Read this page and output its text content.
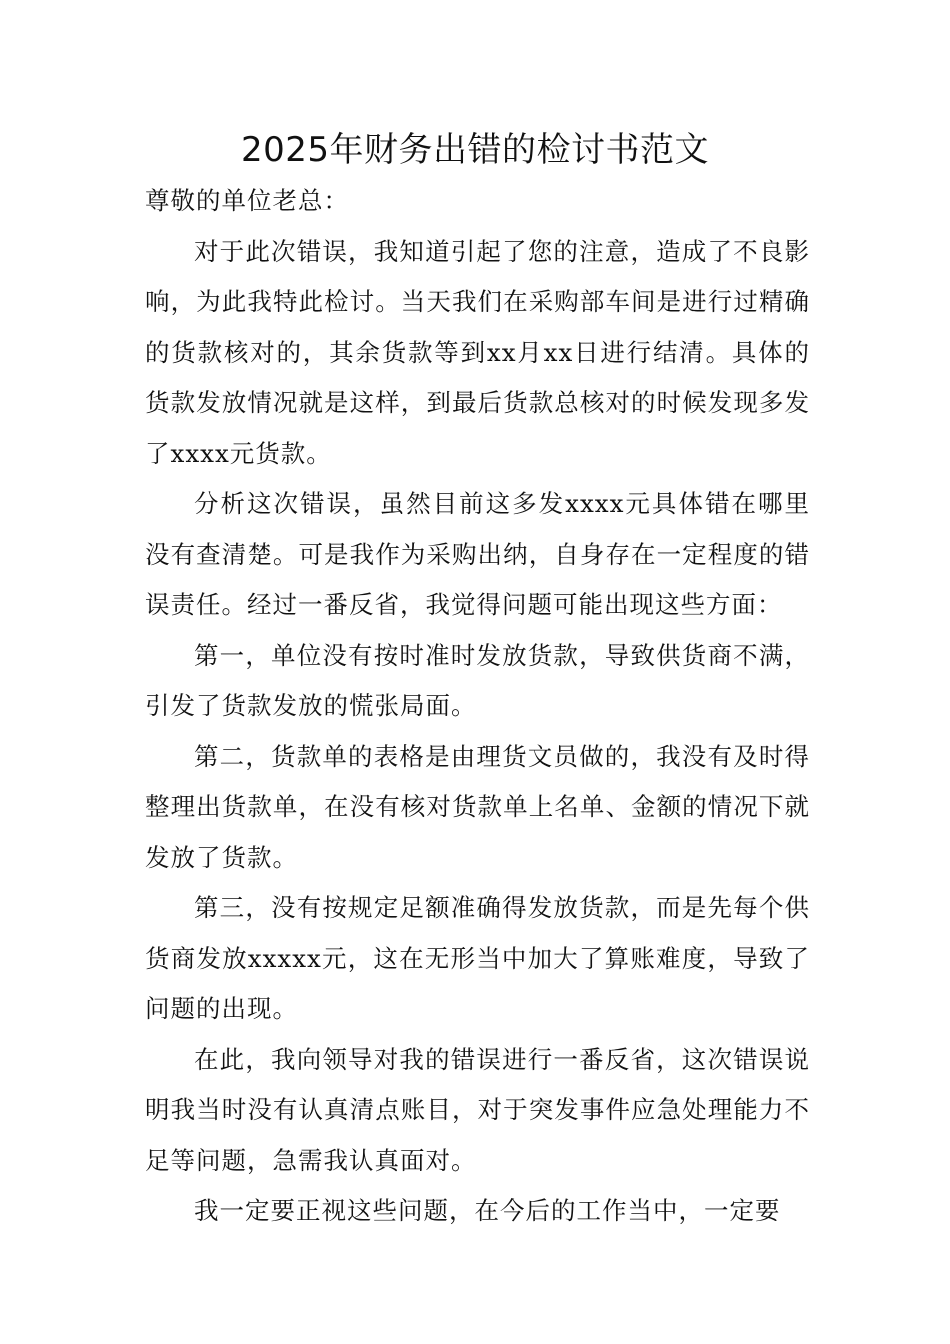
2025年财务出错的检讨书范文

尊敬的单位老总：

对于此次错误，我知道引起了您的注意，造成了不良影响，为此我特此检讨。当天我们在采购部车间是进行过精确的货款核对的，其余货款等到xx月xx日进行结清。具体的货款发放情况就是这样，到最后货款总核对的时候发现多发了xxxx元货款。

分析这次错误，虽然目前这多发xxxx元具体错在哪里没有查清楚。可是我作为采购出纳，自身存在一定程度的错误责任。经过一番反省，我觉得问题可能出现这些方面：

第一，单位没有按时准时发放货款，导致供货商不满，引发了货款发放的慌张局面。

第二，货款单的表格是由理货文员做的，我没有及时得整理出货款单，在没有核对货款单上名单、金额的情况下就发放了货款。

第三，没有按规定足额准确得发放货款，而是先每个供货商发放xxxxx元，这在无形当中加大了算账难度，导致了问题的出现。

在此，我向领导对我的错误进行一番反省，这次错误说明我当时没有认真清点账目，对于突发事件应急处理能力不足等问题，急需我认真面对。

我一定要正视这些问题，在今后的工作当中，一定要
